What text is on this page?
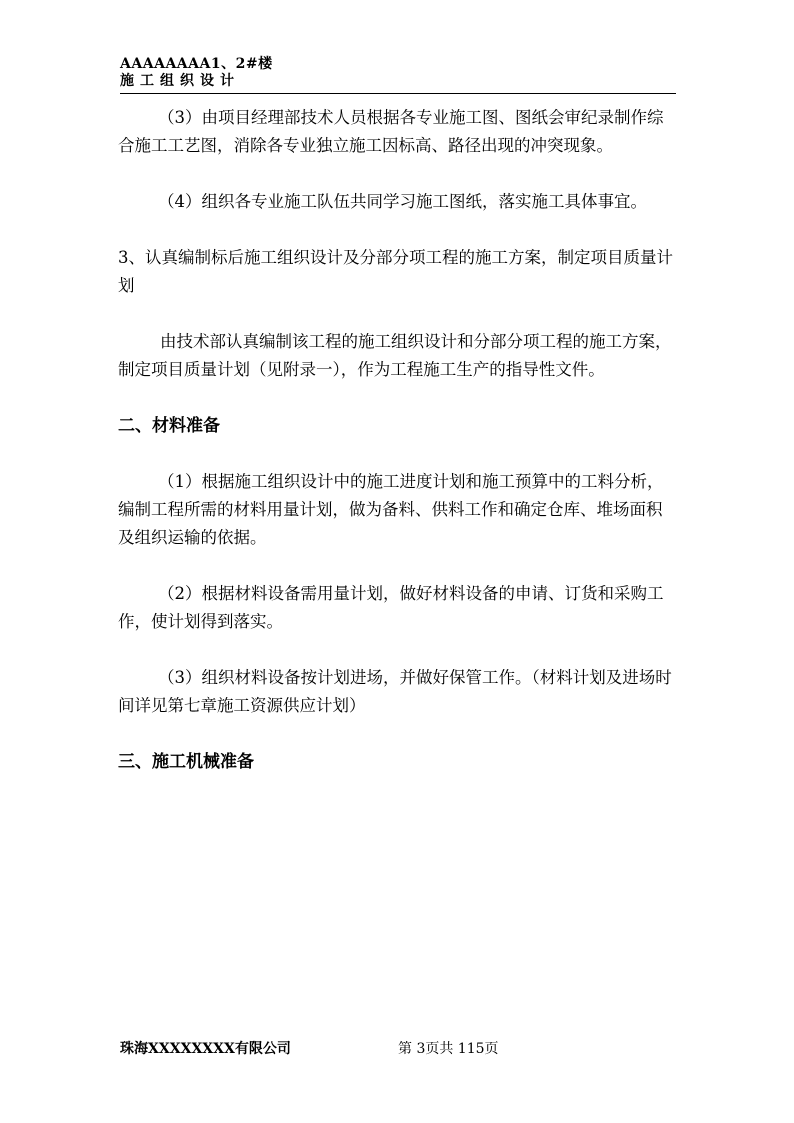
AAAAAAAA1、2#楼
施工组织设计

（3）由项目经理部技术人员根据各专业施工图、图纸会审纪录制作综合施工工艺图，消除各专业独立施工因标高、路径出现的冲突现象。

（4）组织各专业施工队伍共同学习施工图纸，落实施工具体事宜。

3、认真编制标后施工组织设计及分部分项工程的施工方案，制定项目质量计划

由技术部认真编制该工程的施工组织设计和分部分项工程的施工方案，制定项目质量计划（见附录一），作为工程施工生产的指导性文件。

二、材料准备

（1）根据施工组织设计中的施工进度计划和施工预算中的工料分析，编制工程所需的材料用量计划，做为备料、供料工作和确定仓库、堆场面积及组织运输的依据。

（2）根据材料设备需用量计划，做好材料设备的申请、订货和采购工作，使计划得到落实。

（3）组织材料设备按计划进场，并做好保管工作。（材料计划及进场时间详见第七章施工资源供应计划）

三、施工机械准备

珠海XXXXXXXX有限公司	第 3页共 115页
